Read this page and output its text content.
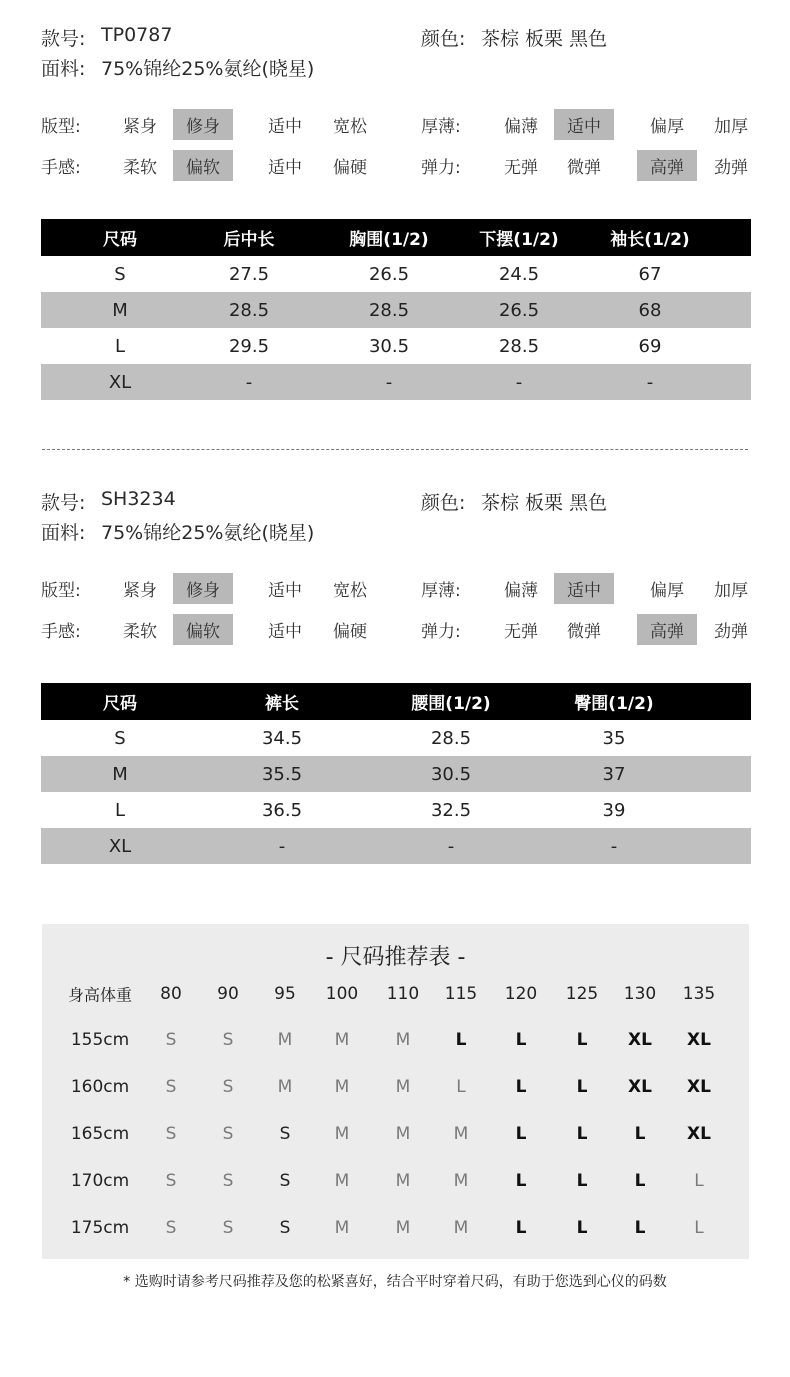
款号: TP0787	颜色: 茶棕 板栗 黑色
面料: 75%锦纶25%氨纶(晓星)
版型: 紧身	修身	适中 宽松	厚薄:	偏薄	适中	偏厚 加厚
手感: 柔软	偏软	适中 偏硬	弹力:	无弹 微弹	高弹	劲弹
尺码	后中长	胸围(1/2)	下摆(1/2)	袖长(1/2)
S	27.5	26.5	24.5	67
M	28.5	28.5	26.5	68
L	29.5	30.5	28.5	69
XL	-	-	-	-
款号: SH3234	颜色: 茶棕 板栗 黑色
面料: 75%锦纶25%氨纶(晓星)
版型: 紧身	修身	适中 宽松	厚薄:	偏薄	适中	偏厚 加厚
手感: 柔软	偏软	适中 偏硬	弹力:	无弹 微弹	高弹	劲弹
尺码	裤长	腰围(1/2)	臀围(1/2)
S	34.5	28.5	35
M	35.5	30.5	37
L	36.5	32.5	39
XL	-	-	-
- 尺码推荐表 -
身高体重 80 90 95 100 110 115 120 125 130 135
155cm S	S	M M	M	L	L	L XL XL
160cm S	S	M M	M	L	L	L XL XL
165cm S	S	S	M	M	M	L	L	L XL
170cm S	S	S	M	M	M	L	L	L	L
175cm S	S	S	M	M	M	L	L	L	L
* 选购时请参考尺码推荐及您的松紧喜好，结合平时穿着尺码，有助于您选到心仪的码数
